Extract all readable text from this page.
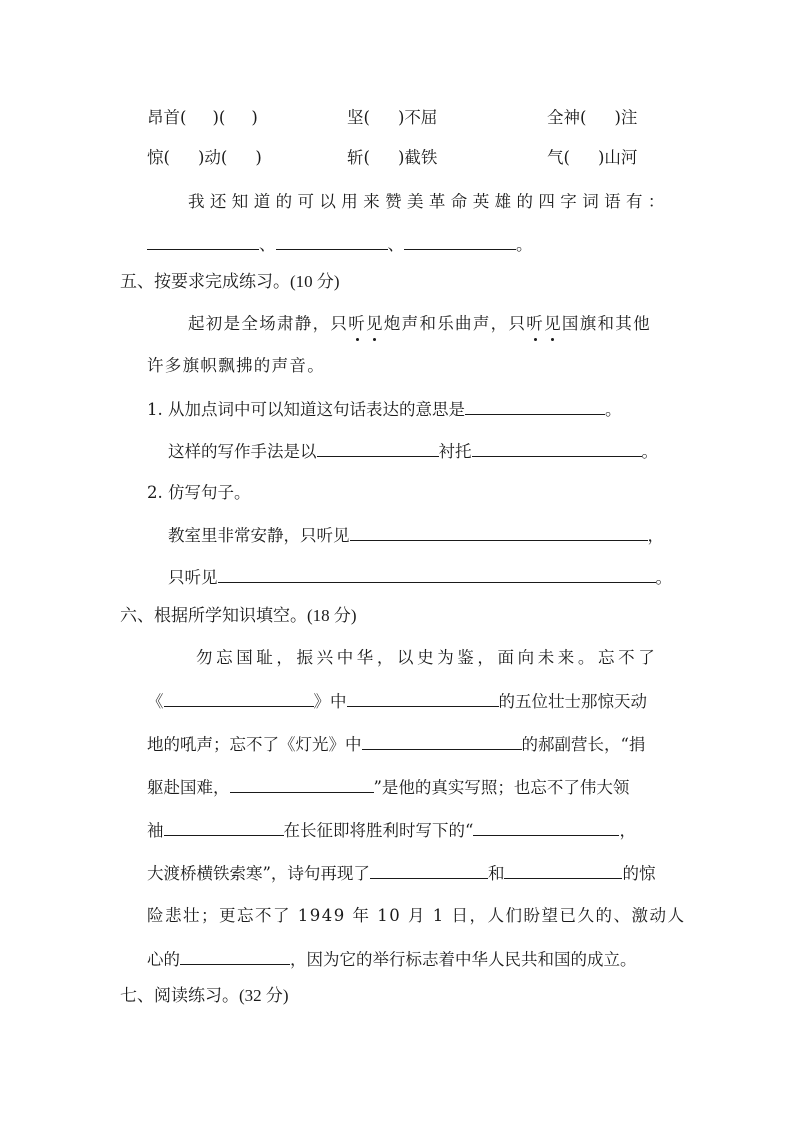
昂首( )( )	坚( )不屈	全神( )注
惊( )动( )	斩( )截铁	气( )山河
我还知道的可以用来赞美革命英雄的四字词语有：
、	、	。
五、按要求完成练习。(10 分)
起初是全场肃静，只听见炮声和乐曲声，只听见国旗和其他
许多旗帜飘拂的声音。
1. 从加点词中可以知道这句话表达的意思是	。
这样的写作手法是以	衬托	。
2. 仿写句子。
教室里非常安静，只听见	，
只听见	。
六、根据所学知识填空。(18 分)
勿忘国耻，振兴中华，以史为鉴，面向未来。忘不了
《	》中	的五位壮士那惊天动
地的吼声；忘不了《灯光》中	的郝副营长，“捐
躯赴国难，	”是他的真实写照；也忘不了伟大领
袖	在长征即将胜利时写下的“	，
大渡桥横铁索寒”，诗句再现了	和	的惊
险悲壮；更忘不了 1949 年 10 月 1 日，人们盼望已久的、激动人
心的	，因为它的举行标志着中华人民共和国的成立。
七、阅读练习。(32 分)
